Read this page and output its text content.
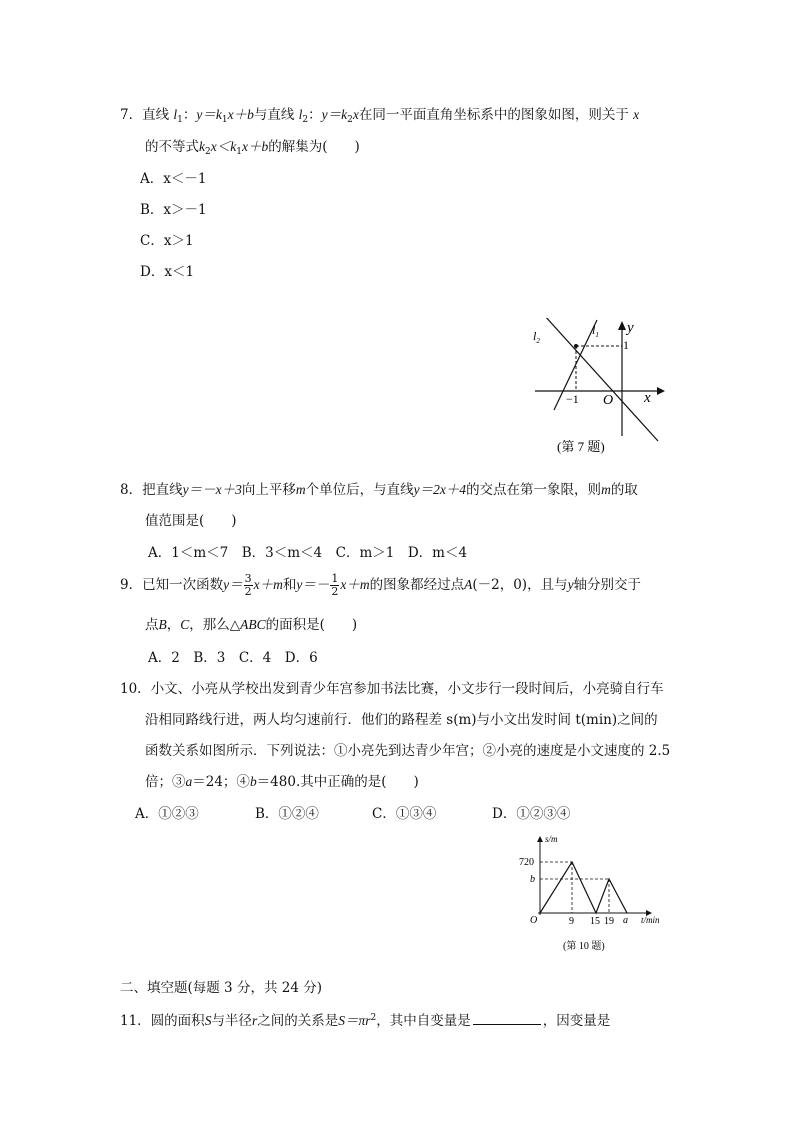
7．直线 $l_1$：$y=k_1x+b$与直线 $l_2$：$y=k_2x$在同一平面直角坐标系中的图象如图，则关于 x
的不等式$k_2x<k_1x+b$的解集为(　　)
A．x＜－1
B．x＞－1
C．x＞1
D．x＜1
$l_2$
$l_1$ y
1
x
−1 O
(第 7 题)
8．把直线y＝－x＋3向上平移m个单位后，与直线y＝2x＋4的交点在第一象限，则m的取
值范围是(　　)
A．1＜m＜7　B．3＜m＜4　C．m＞1　D．m＜4
9．已知一次函数$y= \frac{3}{2} x+m$和$y=- \frac{1}{2} x+m$的图象都经过点A(－2，0)，且与y轴分别交于
点B，C，那么△ABC的面积是(　　)
A．2　B．3　C．4　D．6
10．小文、小亮从学校出发到青少年宫参加书法比赛，小文步行一段时间后，小亮骑自行车
沿相同路线行进，两人均匀速前行．他们的路程差 s(m)与小文出发时间 t(min)之间的
函数关系如图所示．下列说法：①小亮先到达青少年宫；②小亮的速度是小文速度的 2.5
倍；③a＝24；④b＝480.其中正确的是(　　)
A．①②③	B．①②④	C．①③④	D．①②③④
s/m
720
b
O	9 15 19 a t/min
(第 10 题)
二、填空题(每题 3 分，共 24 分)
11．圆的面积S与半径r之间的关系是$S=\pi r^2$，其中自变量是	，因变量是
